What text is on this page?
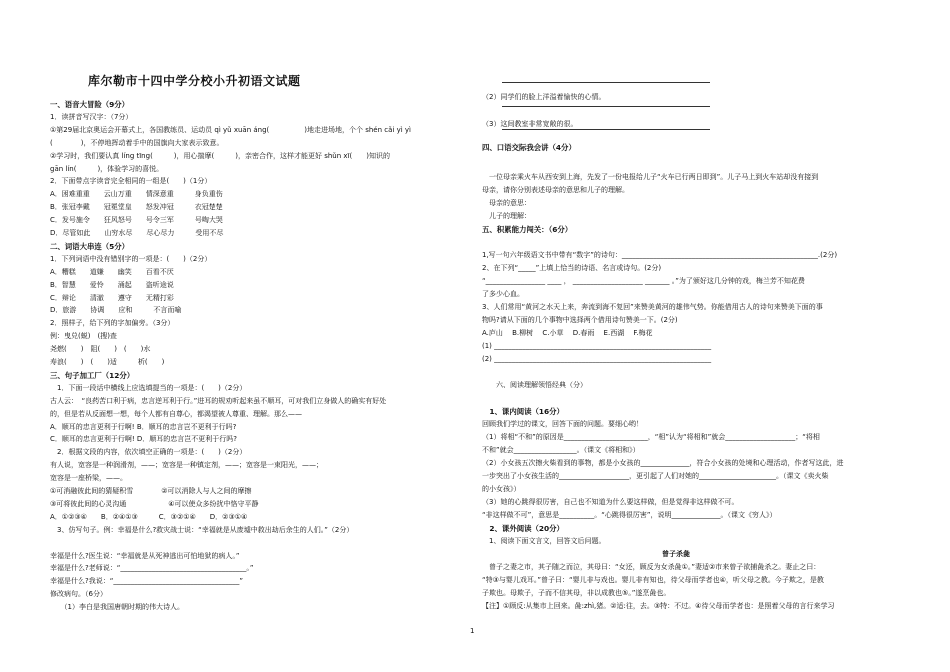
库尔勒市十四中学分校小升初语文试题
一、语音大冒险（9分）
1．读拼音写汉字：（7分）
①第29届北京奥运会开幕式上，各国教练员、运动员 qì yǔ xuān áng(　　　　　)地走进场地，个个 shén cǎi yì yì
(　　　　)，不停地挥动着手中的国旗向大家表示致意。
②学习时，我们要认真 líng tīng(　　　)，用心揣摩(　　　)，亲密合作，这样才能更好 shǔn xī(　　)知识的
gān lín(　　　)，体验学习的喜悦。
2．下面带点字读音完全相同的一组是(　　)（1分）
A．困难重重　　云山万重　　情深意重　　　身负重伤
B．张冠李戴　　冠冕堂皇　　怒发冲冠　　　衣冠楚楚
C．发号施令　　狂风怒号　　号令三军　　　号啕大哭
D．尽管如此　　山穷水尽　　尽心尽力　　　受用不尽
二、词语大串连（5分）
1．下列词语中没有错别字的一项是：(　　)（2分）
A．糟糕　　道嫌　　幽笑　　百看不厌
B．智慧　　爱怜　　涌起　　盗听途说
C．辩论　　清澈　　遵守　　无精打彩
D．旅游　　协调　　应和　　　不言而喻
2．照样子，给下列的字加偏旁。（3分）
例：曳兑(蜕)　(搜)查
尧燃(　　)　阻(　　)　(　　)水
寿浪(　　)　(　　)适　　　析(　　)
三、句子加工厂（12分）
　1．下面一段话中横线上应选填提当的一项是：(　　)（2分）
古人云：　“良药苦口利于病，忠言逆耳利于行。”进耳的规劝听起来虽不顺耳，可对我们立身做人的确实有好处
的，但是若从反面想一想，每个人都有自尊心，都渴望被人尊重、理解。那么——
A．顺耳的忠言更利于行啊! B．顺耳的忠言岂不更利于行吗?
C．顺耳的忠言更利于行啊! D．顺耳的忠言岂不更利于行吗?
　2．根据文段的内容，依次填空正确的一项是：(　　)（2分）
有人说，宽容是一种润滑剂，——；宽容是一种镇定剂，——；宽容是一束阳光，——；
宽容是一座桥梁，——。
①可消融彼此间的猜疑积雪　　　　②可以消除人与人之间的摩擦
③可将彼此间的心灵沟通　　　　　　④可以使众多纷扰中恪守平静
A．①②③④　　B．②④①③　　　C．③②①④　　D．②③①④
　3、仿写句子。例：幸福是什么?救灾战士说：“幸福就是从废墟中救出劫后余生的人们。”（2分）
幸福是什么?医生说：“幸福就是从死神逃出可怕地狱的病人。”
幸福是什么?老师说：“____________________________________。”
幸福是什么?我说：“____________________________________”
修改病句。（6分）
　　（1）李白是我国唐朝时期的伟大诗人。
（2）同学们的脸上洋溢着愉快的心情。
（3）这间教室非常宽敞的很。
四、口语交际我会讲（4分）
　一位母亲乘火车从西安到上海，先发了一份电报给儿子“火车已行两日即到”。儿子马上到火车站却没有接到
母亲，请你分别表述母亲的意思和儿子的理解。
　母亲的意思：
　儿子的理解：
五、积累能力闯关：（6分）
1,写一句六年级语文书中带有“数字”的诗句：________________________________________________________.(2分)
2、在下列“_____”上填上恰当的诗语、名言或诗句。(2分)
“_________________ ____ ， ____________________ _______ 。”为了颁好这几分钟的戏，梅兰芳不知花费
了多少心血。
3、人们常用“黄河之水天上来，奔流到海不复回”来赞美黄河的雄伟气势。你能借用古人的诗句来赞美下面的事
物吗?请从下面的几个事物中选择两个借用诗句赞美一下。(2分)
A.庐山　 B.柳树　 C.小草　 D.春雨　 E.西湖　 F.梅花
(1) ______________________________________________________________
(2) ______________________________________________________________
　　六、阅读理解领悟经典（分）
　1、课内阅读（16分）
回顾我们学过的课文，回答下面的问题。要细心哟！
（1）将相“不和”的原因是________________________，“相”认为“将相和”就会____________________；“将相
不和”就会__________________。（课文《将相和》）
（2）小女孩五次擦火柴看到的事物，都是小女孩的______________，符合小女孩的处境和心理活动，作者写这此，进
一步突出了小女孩生活的____________________，更引起了人们对她的______________________。（课文《卖火柴
的小女孩》）
（3）她的心跳得很厉害，自己也不知道为什么要这样做，但是觉得非这样做不可。
“非这样做不可”，意思是__________。“心跳得很厉害”，说明______________。（课文《穷人》）
　2、课外阅读（20分）
　1、阅读下面文言文，回答文后问题。
曾子杀彘
　曾子之妻之市，其子随之而泣，其母曰：“女还，顾反为女杀彘①。”妻适②市来曾子欲捕彘杀之。妻止之曰：
“特③与婴儿戏耳。”曾子曰：“婴儿非与戏也。婴儿非有知也，待父母而学者也④，听父母之教。今子欺之，是教
子欺也。母欺子，子而不信其母，非以成教也⑤。”遂烹彘也。
【注】①顾反:从集市上回来。彘:zhì,猪。②适:往，去。③特：不过。④待父母而学者也：是照着父母的言行来学习
1
